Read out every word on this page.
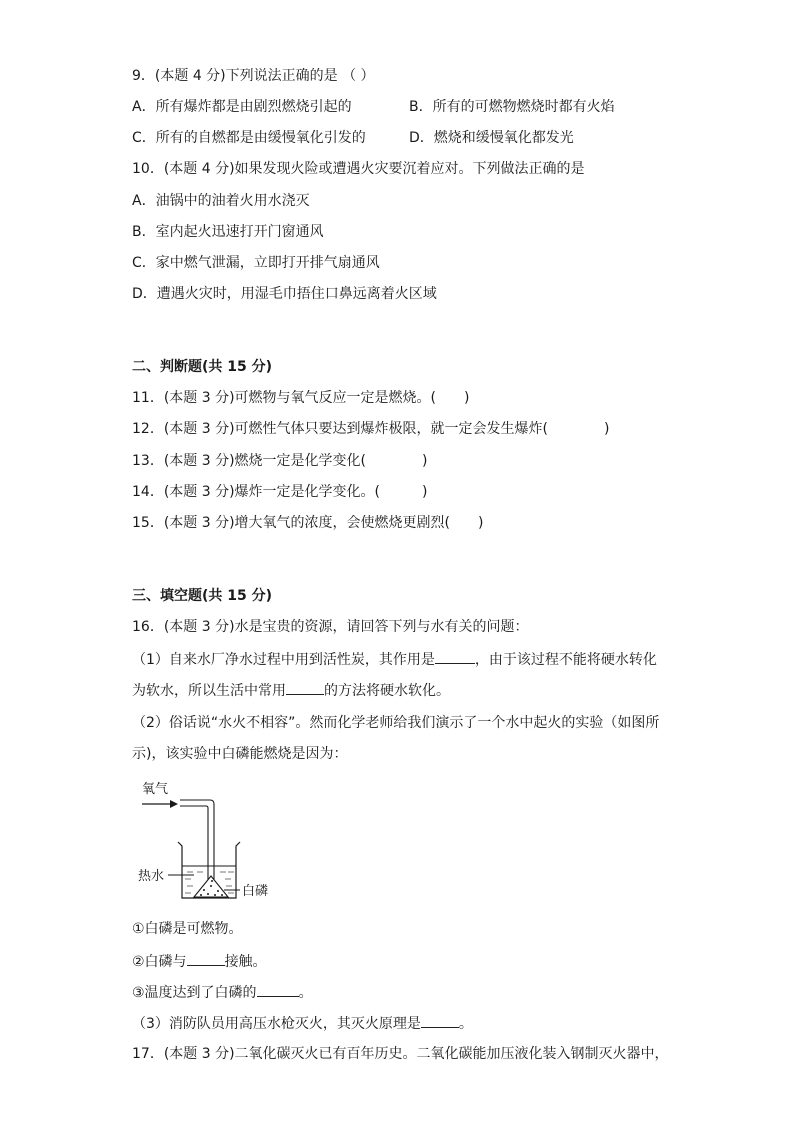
9．(本题 4 分)下列说法正确的是 （ ）
A．所有爆炸都是由剧烈燃烧引起的	B．所有的可燃物燃烧时都有火焰
C．所有的自燃都是由缓慢氧化引发的	D．燃烧和缓慢氧化都发光
10．(本题 4 分)如果发现火险或遭遇火灾要沉着应对。下列做法正确的是
A．油锅中的油着火用水浇灭
B．室内起火迅速打开门窗通风
C．家中燃气泄漏，立即打开排气扇通风
D．遭遇火灾时，用湿毛巾捂住口鼻远离着火区域
二、判断题(共 15 分)
11．(本题 3 分)可燃物与氧气反应一定是燃烧。(　　)
12．(本题 3 分)可燃性气体只要达到爆炸极限，就一定会发生爆炸(　　　　)
13．(本题 3 分)燃烧一定是化学变化(　　　　)
14．(本题 3 分)爆炸一定是化学变化。(　　　)
15．(本题 3 分)增大氧气的浓度，会使燃烧更剧烈(　　)
三、填空题(共 15 分)
16．(本题 3 分)水是宝贵的资源，请回答下列与水有关的问题：
（1）自来水厂净水过程中用到活性炭，其作用是	，由于该过程不能将硬水转化
为软水，所以生活中常用	的方法将硬水软化。
（2）俗话说“水火不相容”。然而化学老师给我们演示了一个水中起火的实验（如图所
示)，该实验中白磷能燃烧是因为：
氧气
热水
白磷
①白磷是可燃物。
②白磷与	接触。
③温度达到了白磷的	。
（3）消防队员用高压水枪灭火，其灭火原理是	。
17．(本题 3 分)二氧化碳灭火已有百年历史。二氧化碳能加压液化装入钢制灭火器中，
